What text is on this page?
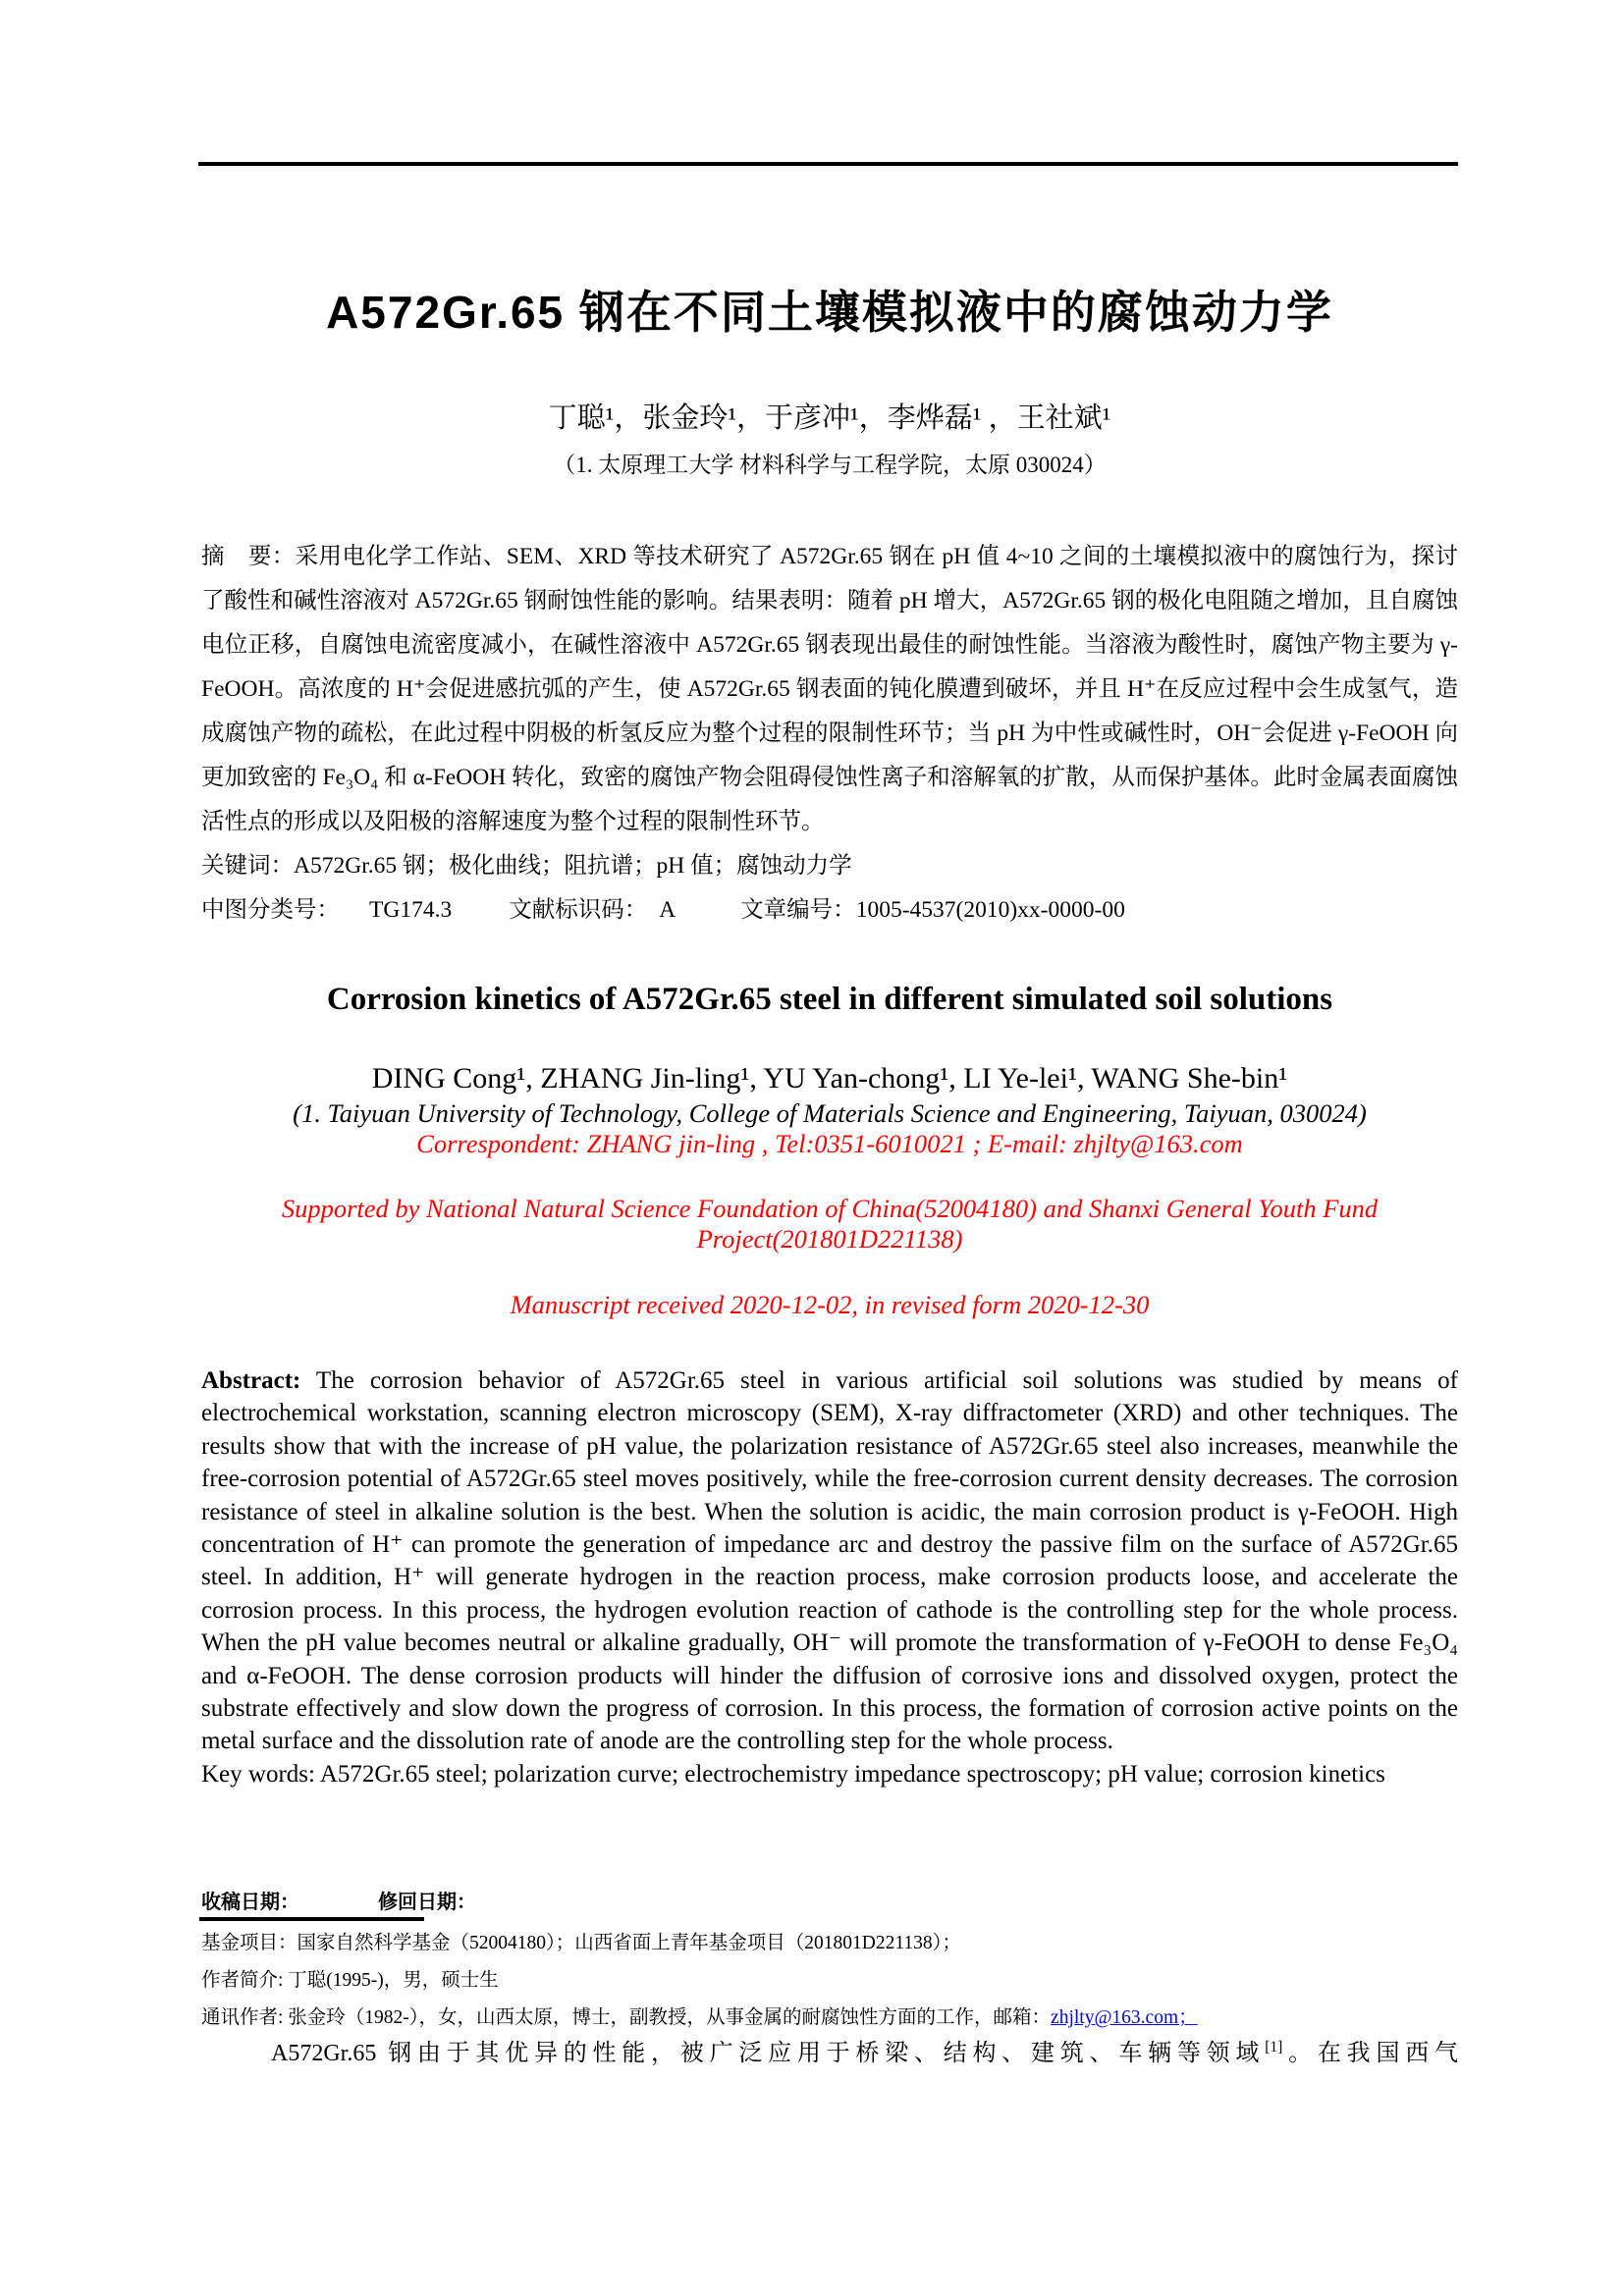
A572Gr.65 钢在不同土壤模拟液中的腐蚀动力学
丁聪¹，张金玲¹，于彦冲¹，李烨磊¹ ，王社斌¹
（1. 太原理工大学 材料科学与工程学院，太原 030024）

摘　要：采用电化学工作站、SEM、XRD 等技术研究了 A572Gr.65 钢在 pH 值 4~10 之间的土壤模拟液中的腐蚀行为，探讨了酸性和碱性溶液对 A572Gr.65 钢耐蚀性能的影响。结果表明：随着 pH 增大，A572Gr.65 钢的极化电阻随之增加，且自腐蚀电位正移，自腐蚀电流密度减小，在碱性溶液中 A572Gr.65 钢表现出最佳的耐蚀性能。当溶液为酸性时，腐蚀产物主要为 γ-FeOOH。高浓度的 H⁺会促进感抗弧的产生，使 A572Gr.65 钢表面的钝化膜遭到破坏，并且 H⁺在反应过程中会生成氢气，造成腐蚀产物的疏松，在此过程中阴极的析氢反应为整个过程的限制性环节；当 pH 为中性或碱性时，OH⁻会促进 γ-FeOOH 向更加致密的 Fe₃O₄ 和 α-FeOOH 转化，致密的腐蚀产物会阻碍侵蚀性离子和溶解氧的扩散，从而保护基体。此时金属表面腐蚀活性点的形成以及阳极的溶解速度为整个过程的限制性环节。

关键词：A572Gr.65 钢；极化曲线；阻抗谱；pH 值；腐蚀动力学

中图分类号： TG174.3 文献标识码： A	文章编号：1005-4537(2010)xx-0000-00
Corrosion kinetics of A572Gr.65 steel in different simulated soil solutions
DING Cong¹, ZHANG Jin-ling¹, YU Yan-chong¹, LI Ye-lei¹, WANG She-bin¹
(1. Taiyuan University of Technology, College of Materials Science and Engineering, Taiyuan, 030024)
Correspondent: ZHANG jin-ling , Tel:0351-6010021 ; E-mail: zhjlty@163.com
Supported by National Natural Science Foundation of China(52004180) and Shanxi General Youth Fund Project(201801D221138)
Manuscript received 2020-12-02, in revised form 2020-12-30

Abstract: The corrosion behavior of A572Gr.65 steel in various artificial soil solutions was studied by means of electrochemical workstation, scanning electron microscopy (SEM), X-ray diffractometer (XRD) and other techniques. The results show that with the increase of pH value, the polarization resistance of A572Gr.65 steel also increases, meanwhile the free-corrosion potential of A572Gr.65 steel moves positively, while the free-corrosion current density decreases. The corrosion resistance of steel in alkaline solution is the best. When the solution is acidic, the main corrosion product is γ-FeOOH. High concentration of H⁺ can promote the generation of impedance arc and destroy the passive film on the surface of A572Gr.65 steel. In addition, H⁺ will generate hydrogen in the reaction process, make corrosion products loose, and accelerate the corrosion process. In this process, the hydrogen evolution reaction of cathode is the controlling step for the whole process. When the pH value becomes neutral or alkaline gradually, OH⁻ will promote the transformation of γ-FeOOH to dense Fe₃O₄ and α-FeOOH. The dense corrosion products will hinder the diffusion of corrosive ions and dissolved oxygen, protect the substrate effectively and slow down the progress of corrosion. In this process, the formation of corrosion active points on the metal surface and the dissolution rate of anode are the controlling step for the whole process.

Key words: A572Gr.65 steel; polarization curve; electrochemistry impedance spectroscopy; pH value; corrosion kinetics

收稿日期：	修回日期：

基金项目：国家自然科学基金（52004180）；山西省面上青年基金项目（201801D221138）；

作者简介: 丁聪(1995-)，男，硕士生

通讯作者: 张金玲（1982-），女，山西太原，博士，副教授，从事金属的耐腐蚀性方面的工作，邮箱：zhjlty@163.com；

A572Gr.65 钢由于其优异的性能，被广泛应用于桥梁、结构、建筑、车辆等领域[1]。在我国西气
